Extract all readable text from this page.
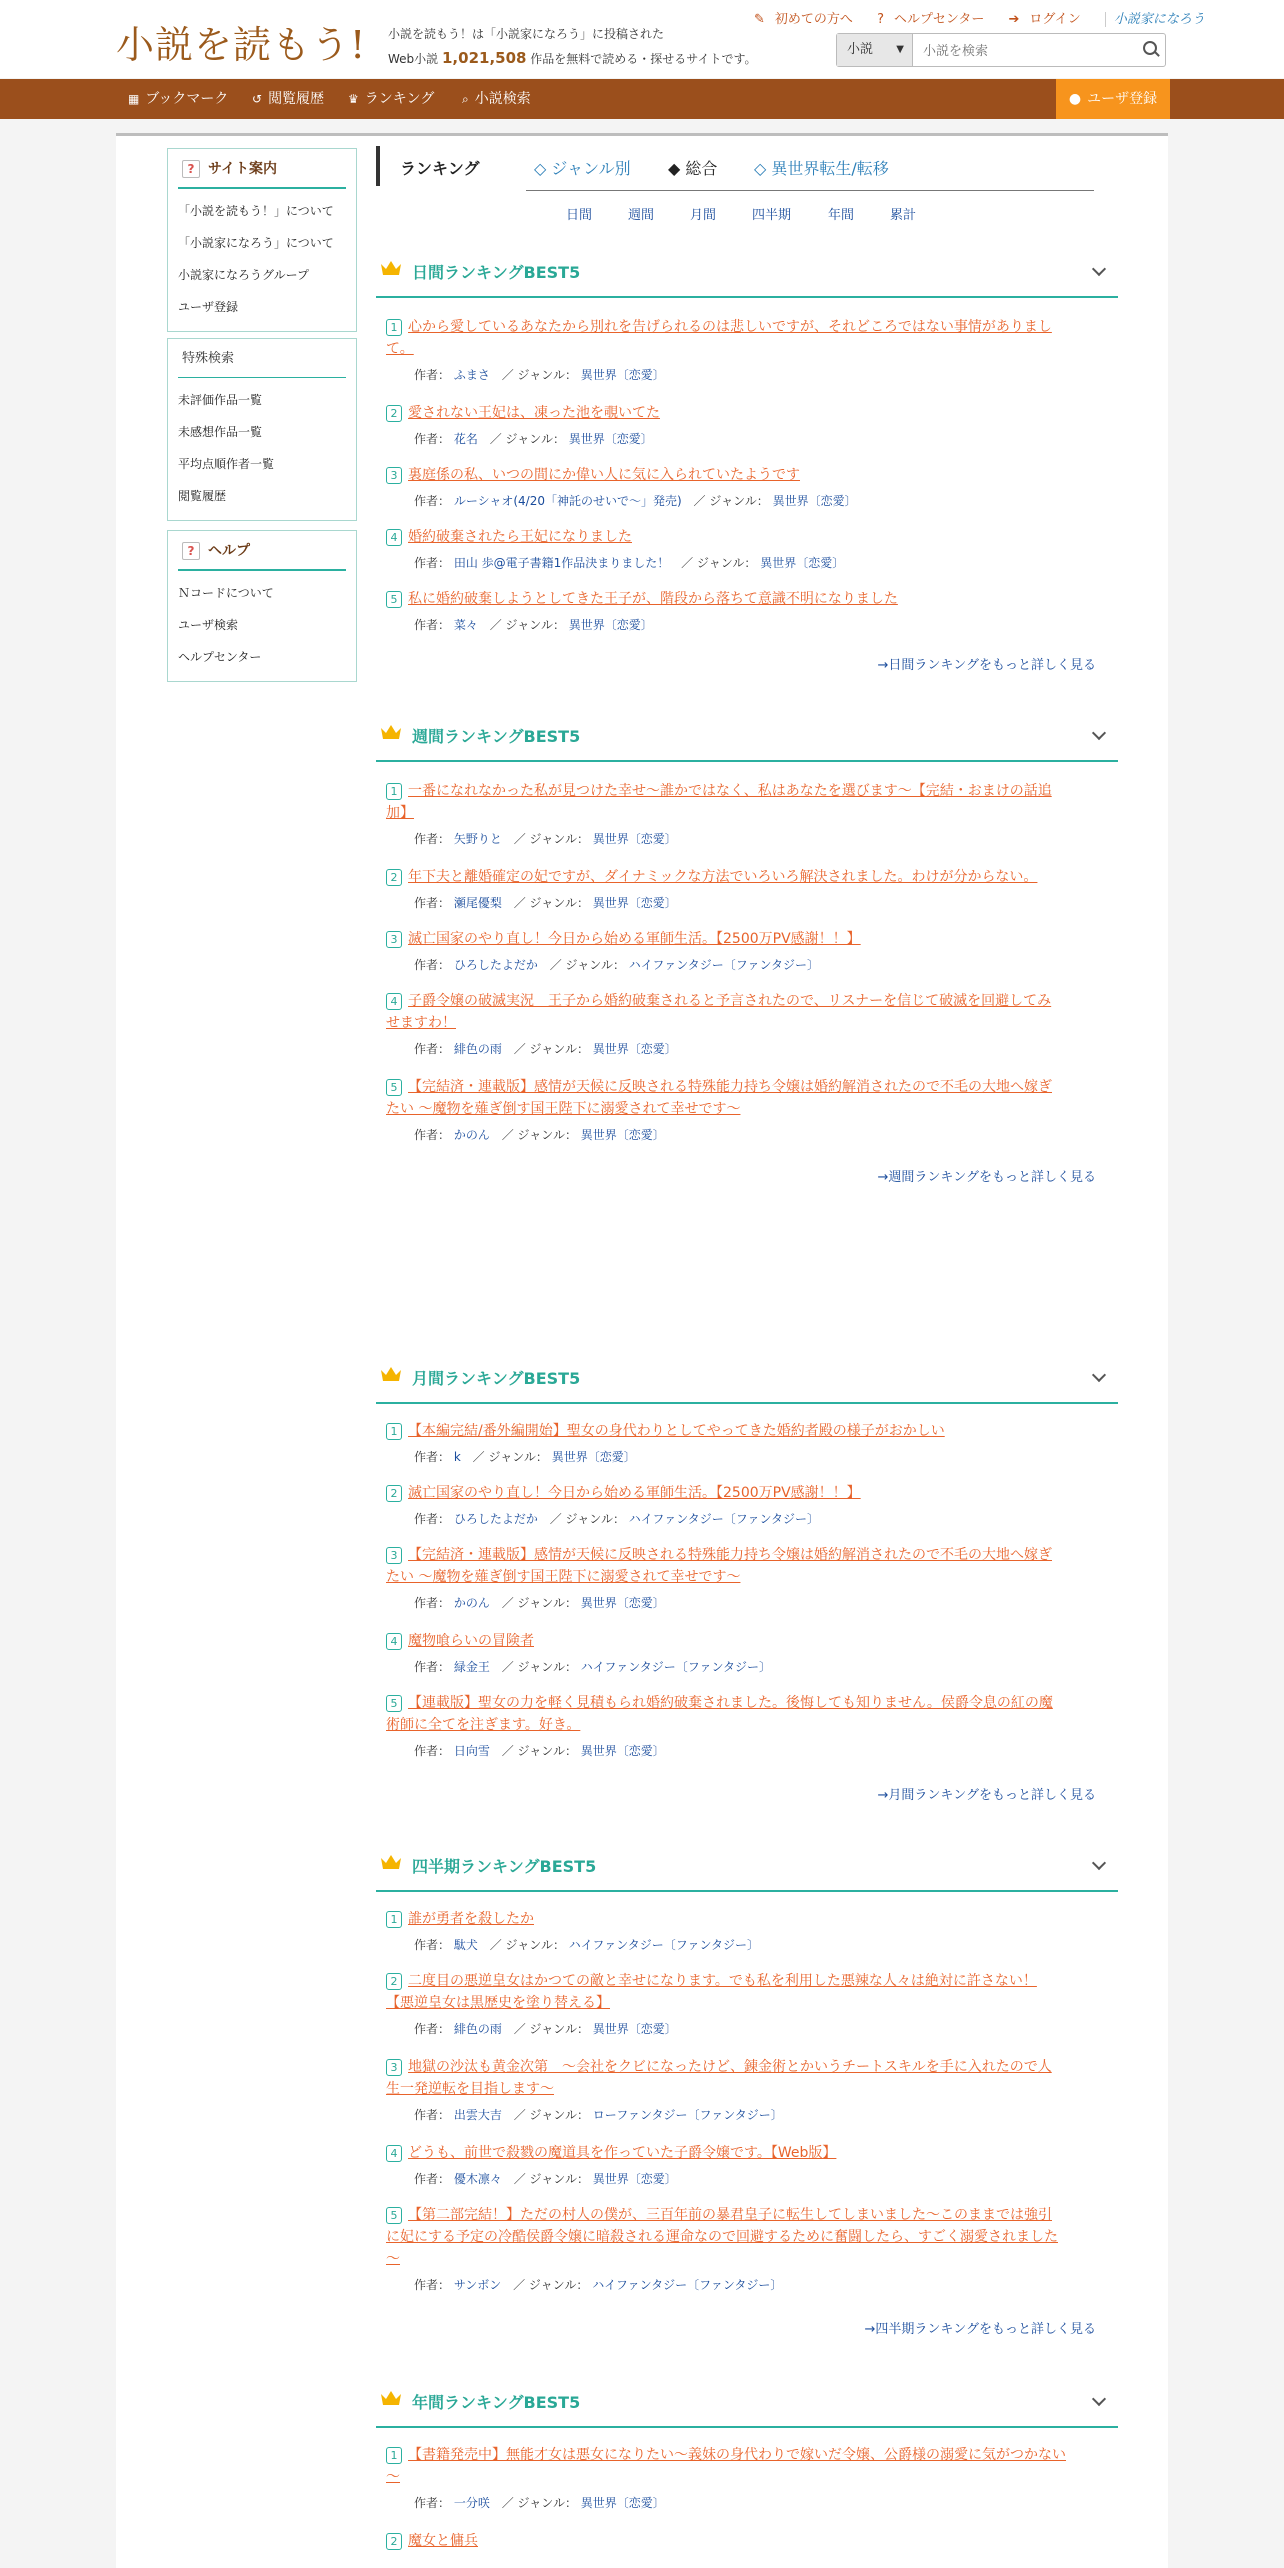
小説を読もう! 小説を読もう！は「小説家になろう」に投稿された
Web小説 1,021,508 作品を無料で読める・探せるサイトです。
✎ 初めての方へ ? ヘルプセンター ➔ ログイン	小説家になろう
小説 ▼
小説を検索
▦ ブックマーク ↺ 閲覧履歴 ♛ ランキング ⌕ 小説検索	● ユーザ登録
? サイト案内
「小説を読もう！」について
「小説家になろう」について
小説家になろうグループ
ユーザ登録
特殊検索
未評価作品一覧
未感想作品一覧
平均点順作者一覧
閲覧履歴
? ヘルプ
Ｎコードについて
ユーザ検索
ヘルプセンター
ランキング	◇ ジャンル別 ◆ 総合 ◇ 異世界転生/転移
日間	週間	月間	四半期	年間	累計
日間ランキングBEST5
1 心から愛しているあなたから別れを告げられるのは悲しいですが、それどころではない事情がありまし
て。
作者： ふまさ ／ ジャンル： 異世界〔恋愛〕
2 愛されない王妃は、凍った池を覗いてた
作者： 花名 ／ ジャンル： 異世界〔恋愛〕
3 裏庭係の私、いつの間にか偉い人に気に入られていたようです
作者： ルーシャオ(4/20「神託のせいで〜」発売) ／ ジャンル： 異世界〔恋愛〕
4 婚約破棄されたら王妃になりました
作者： 田山 歩@電子書籍1作品決まりました！ ／ ジャンル： 異世界〔恋愛〕
5 私に婚約破棄しようとしてきた王子が、階段から落ちて意識不明になりました
作者： 菜々 ／ ジャンル： 異世界〔恋愛〕
→日間ランキングをもっと詳しく見る
週間ランキングBEST5
1 一番になれなかった私が見つけた幸せ〜誰かではなく、私はあなたを選びます〜【完結・おまけの話追
加】
作者： 矢野りと ／ ジャンル： 異世界〔恋愛〕
2 年下夫と離婚確定の妃ですが、ダイナミックな方法でいろいろ解決されました。わけが分からない。
作者： 瀬尾優梨 ／ ジャンル： 異世界〔恋愛〕
3 滅亡国家のやり直し！今日から始める軍師生活。【2500万PV感謝！！】
作者： ひろしたよだか ／ ジャンル： ハイファンタジー〔ファンタジー〕
4 子爵令嬢の破滅実況　王子から婚約破棄されると予言されたので、リスナーを信じて破滅を回避してみ
せますわ！
作者： 緋色の雨 ／ ジャンル： 異世界〔恋愛〕
5 【完結済・連載版】感情が天候に反映される特殊能力持ち令嬢は婚約解消されたので不毛の大地へ嫁ぎ
たい ～魔物を薙ぎ倒す国王陛下に溺愛されて幸せです～
作者： かのん ／ ジャンル： 異世界〔恋愛〕
→週間ランキングをもっと詳しく見る
月間ランキングBEST5
1 【本編完結/番外編開始】聖女の身代わりとしてやってきた婚約者殿の様子がおかしい
作者： k ／ ジャンル： 異世界〔恋愛〕
2 滅亡国家のやり直し！今日から始める軍師生活。【2500万PV感謝！！】
作者： ひろしたよだか ／ ジャンル： ハイファンタジー〔ファンタジー〕
3 【完結済・連載版】感情が天候に反映される特殊能力持ち令嬢は婚約解消されたので不毛の大地へ嫁ぎ
たい ～魔物を薙ぎ倒す国王陛下に溺愛されて幸せです～
作者： かのん ／ ジャンル： 異世界〔恋愛〕
4 魔物喰らいの冒険者
作者： 緑金王 ／ ジャンル： ハイファンタジー〔ファンタジー〕
5 【連載版】聖女の力を軽く見積もられ婚約破棄されました。後悔しても知りません。侯爵令息の紅の魔
術師に全てを注ぎます。好き。
作者： 日向雪 ／ ジャンル： 異世界〔恋愛〕
→月間ランキングをもっと詳しく見る
四半期ランキングBEST5
1 誰が勇者を殺したか
作者： 駄犬 ／ ジャンル： ハイファンタジー〔ファンタジー〕
2 二度目の悪逆皇女はかつての敵と幸せになります。でも私を利用した悪辣な人々は絶対に許さない！
【悪逆皇女は黒歴史を塗り替える】
作者： 緋色の雨 ／ ジャンル： 異世界〔恋愛〕
3 地獄の沙汰も黄金次第　～会社をクビになったけど、錬金術とかいうチートスキルを手に入れたので人
生一発逆転を目指します～
作者： 出雲大吉 ／ ジャンル： ローファンタジー〔ファンタジー〕
4 どうも、前世で殺戮の魔道具を作っていた子爵令嬢です。【Web版】
作者： 優木凛々 ／ ジャンル： 異世界〔恋愛〕
5 【第二部完結！】ただの村人の僕が、三百年前の暴君皇子に転生してしまいました～このままでは強引
に妃にする予定の冷酷侯爵令嬢に暗殺される運命なので回避するために奮闘したら、すごく溺愛されました
～
作者： サンボン ／ ジャンル： ハイファンタジー〔ファンタジー〕
→四半期ランキングをもっと詳しく見る
年間ランキングBEST5
1 【書籍発売中】無能才女は悪女になりたい～義妹の身代わりで嫁いだ令嬢、公爵様の溺愛に気がつかない
～
作者： 一分咲 ／ ジャンル： 異世界〔恋愛〕
2 魔女と傭兵
